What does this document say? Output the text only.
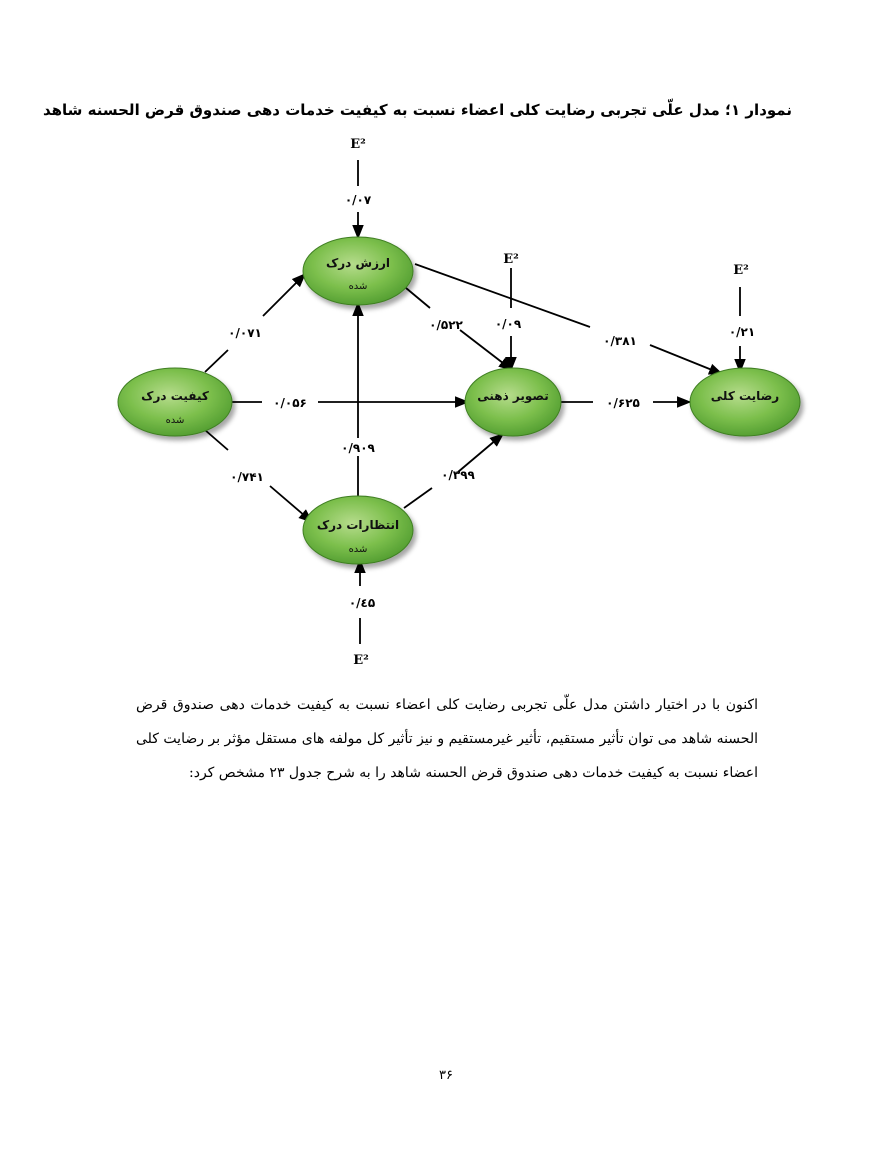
نمودار ۱؛ مدل علّی تجربی رضایت کلی اعضاء نسبت به کیفیت خدمات دهی صندوق قرض الحسنه شاهد
ارزش درک
شده
کیفیت درک
شده
تصویر ذهنی	رضایت کلی
انتظارات درک
شده
E²
E²
E²
E²
۰/۰۷۱
۰/۰۵۶
۰/۷۴۱
۰/۹۰۹
۰/۵۲۲
۰/۳۸۱
۰/۳۹۹
۰/۶۲۵
۰/۰۷
۰/۰۹
۰/۲۱
۰/٤۵
اکنون با در اختیار داشتن مدل علّی تجربی رضایت کلی اعضاء نسبت به کیفیت خدمات دهی صندوق قرض الحسنه شاهد می توان تأثیر مستقیم، تأثیر غیرمستقیم و نیز تأثیر کل مولفه های مستقل مؤثر بر رضایت کلی اعضاء نسبت به کیفیت خدمات دهی صندوق قرض الحسنه شاهد را به شرح جدول ۲۳ مشخص کرد:
۳۶
